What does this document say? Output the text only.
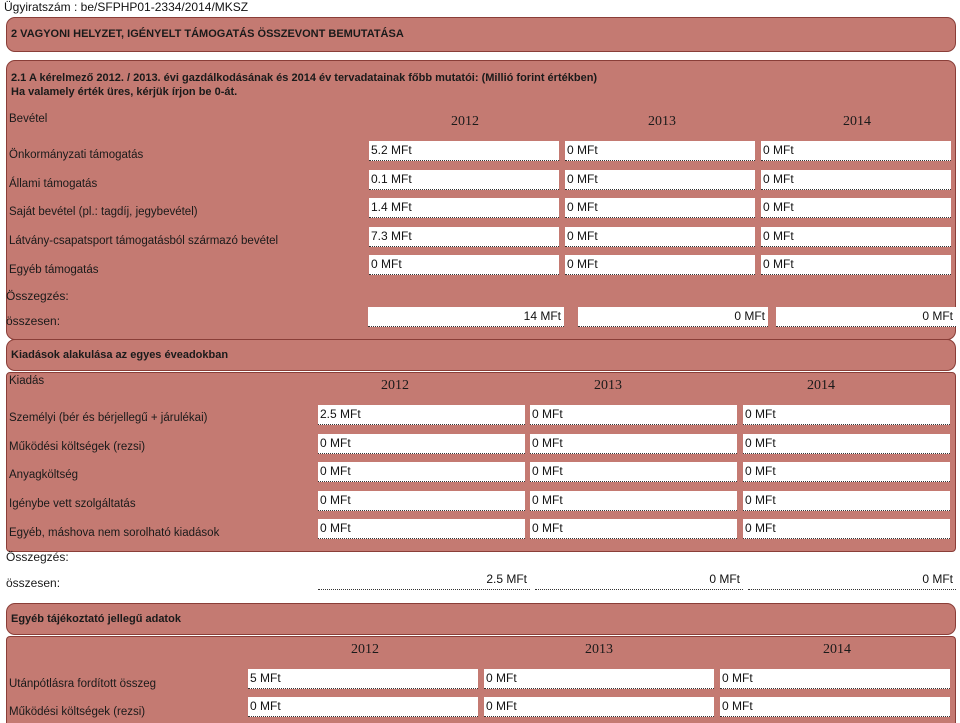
Ügyiratszám : be/SFPHP01-2334/2014/MKSZ
2 VAGYONI HELYZET, IGÉNYELT TÁMOGATÁS ÖSSZEVONT BEMUTATÁSA
2.1 A kérelmező 2012. / 2013. évi gazdálkodásának és 2014 év tervadatainak főbb mutatói: (Millió forint értékben)
Ha valamely érték üres, kérjük írjon be 0-át.
Bevétel	2012	2013	2014
Önkormányzati támogatás	5.2 MFt	0 MFt	0 MFt
Állami támogatás	0.1 MFt	0 MFt	0 MFt
Saját bevétel (pl.: tagdíj, jegybevétel)	1.4 MFt	0 MFt	0 MFt
Látvány-csapatsport támogatásból származó bevétel	7.3 MFt	0 MFt	0 MFt
Egyéb támogatás	0 MFt	0 MFt	0 MFt
Összegzés:
összesen:	14 MFt	0 MFt	0 MFt
Kiadások alakulása az egyes éveadokban
Kiadás	2012	2013	2014
Személyi (bér és bérjellegű + járulékai)	2.5 MFt	0 MFt	0 MFt
Működési költségek (rezsi)	0 MFt	0 MFt	0 MFt
Anyagköltség	0 MFt	0 MFt	0 MFt
Igénybe vett szolgáltatás	0 MFt	0 MFt	0 MFt
Egyéb, máshova nem sorolható kiadások	0 MFt	0 MFt	0 MFt
Összegzés:
összesen:	2.5 MFt	0 MFt	0 MFt
Egyéb tájékoztató jellegű adatok
2012	2013	2014
Utánpótlásra fordított összeg	5 MFt	0 MFt	0 MFt
Működési költségek (rezsi)	0 MFt	0 MFt	0 MFt
